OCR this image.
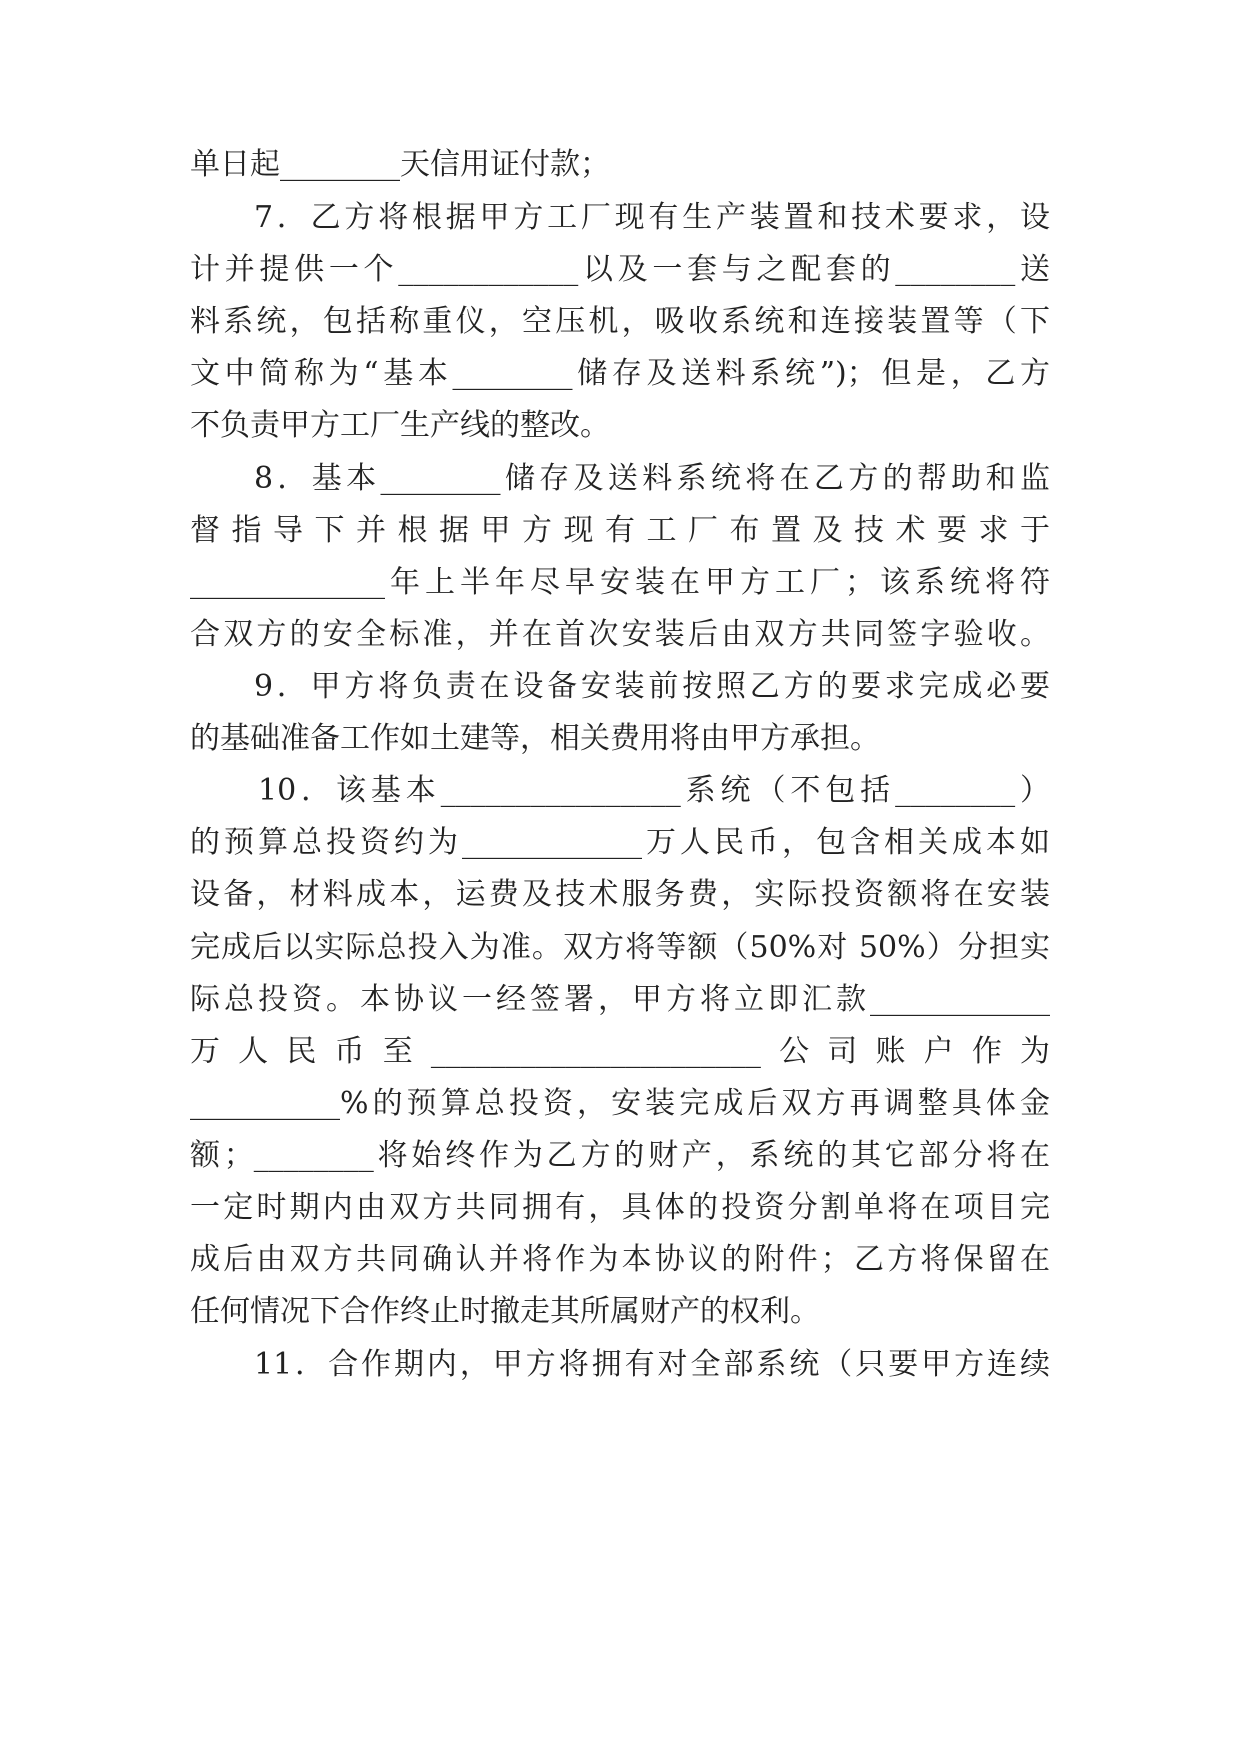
单日起________天信用证付款；
7．乙方将根据甲方工厂现有生产装置和技术要求，设
计并提供一个____________以及一套与之配套的________送
料系统，包括称重仪，空压机，吸收系统和连接装置等（下
文中简称为“基本________储存及送料系统”)；但是，乙方
不负责甲方工厂生产线的整改。
8．基本________储存及送料系统将在乙方的帮助和监
督指导下并根据甲方现有工厂布置及技术要求于
_____________年上半年尽早安装在甲方工厂；该系统将符
合双方的安全标准，并在首次安装后由双方共同签字验收。
9．甲方将负责在设备安装前按照乙方的要求完成必要
的基础准备工作如土建等，相关费用将由甲方承担。
10．该基本________________系统（不包括________）
的预算总投资约为____________万人民币，包含相关成本如
设备，材料成本，运费及技术服务费，实际投资额将在安装
完成后以实际总投入为准。双方将等额（50%对 50%）分担实
际总投资。本协议一经签署，甲方将立即汇款____________
万人民币至______________________公司账户作为
__________%的预算总投资，安装完成后双方再调整具体金
额；________将始终作为乙方的财产，系统的其它部分将在
一定时期内由双方共同拥有，具体的投资分割单将在项目完
成后由双方共同确认并将作为本协议的附件；乙方将保留在
任何情况下合作终止时撤走其所属财产的权利。
11．合作期内，甲方将拥有对全部系统（只要甲方连续
